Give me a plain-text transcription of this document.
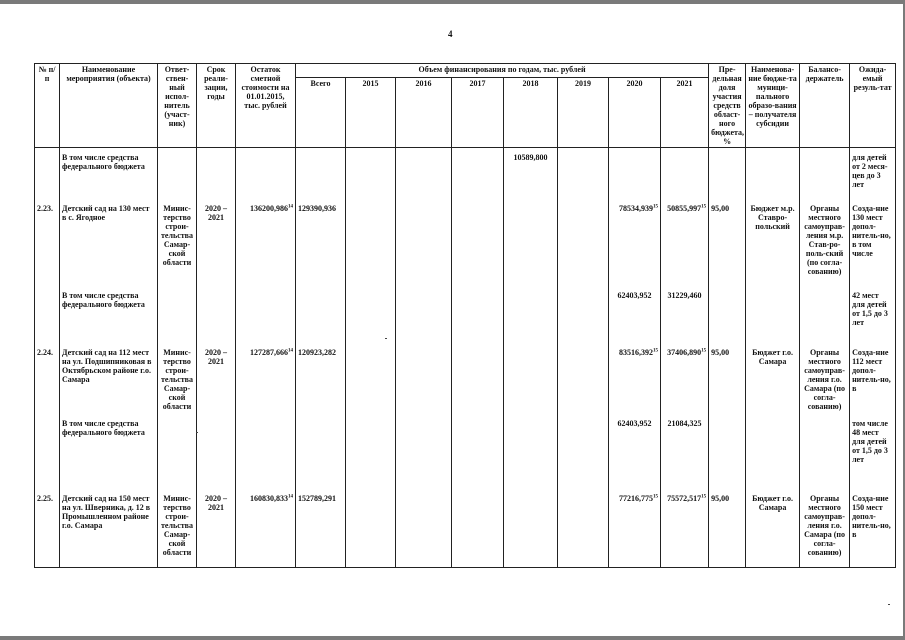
4
№ п/п	Наименование мероприятия (объекта)	Ответ-ствен-ный испол-нитель (участ-ник)	Срок реали-зации, годы	Остаток сметной стоимости на 01.01.2015, тыс. рублей	Объем финансирования по годам, тыс. рублей								Пре-дельная доля участия средств област-ного бюджета, %	Наименова-ние бюдже-та муници-пального образо-вания – получателя субсидии	Балансо-держатель	Ожида-емый резуль-тат
					Всего	2015	2016	2017	2018	2019	2020	2021				
	В том числе средства федерального бюджета								10589,800							для детей от 2 меся-цев до 3 лет
2.23.	Детский сад на 130 мест в с. Ягодное	Минис-терство строи-тельства Самар-ской области	2020 – 2021	136200,986$^{14}$	129390,936						78534,939$^{15}$	50855,997$^{15}$	95,00	Бюджет м.р. Ставро-польский	Органы местного самоуправ-ления м.р. Став-ро-поль-ский (по согла-сованию)	Созда-ние 130 мест допол-нитель-но, в том числе
	В том числе средства федерального бюджета										62403,952	31229,460				42 мест для детей от 1,5 до 3 лет
2.24.	Детский сад на 112 мест на ул. Подшипниковая в Октябрьском районе г.о. Самара	Минис-терство строи-тельства Самар-ской области	2020 – 2021	127287,666$^{14}$	120923,282						83516,392$^{15}$	37406,890$^{15}$	95,00	Бюджет г.о. Самара	Органы местного самоуправ-ления г.о. Самара (по согла-сованию)	Созда-ние 112 мест допол-нитель-но, в
	В том числе средства федерального бюджета										62403,952	21084,325				том числе 48 мест для детей от 1,5 до 3 лет
2.25.	Детский сад на 150 мест на ул. Шверника, д. 12 в Промышленном районе г.о. Самара	Минис-терство строи-тельства Самар-ской области	2020 – 2021	160830,833$^{14}$	152789,291						77216,775$^{15}$	75572,517$^{15}$	95,00	Бюджет г.о. Самара	Органы местного самоуправ-ления г.о. Самара (по согла-сованию)	Созда-ние 150 мест допол-нитель-но, в
